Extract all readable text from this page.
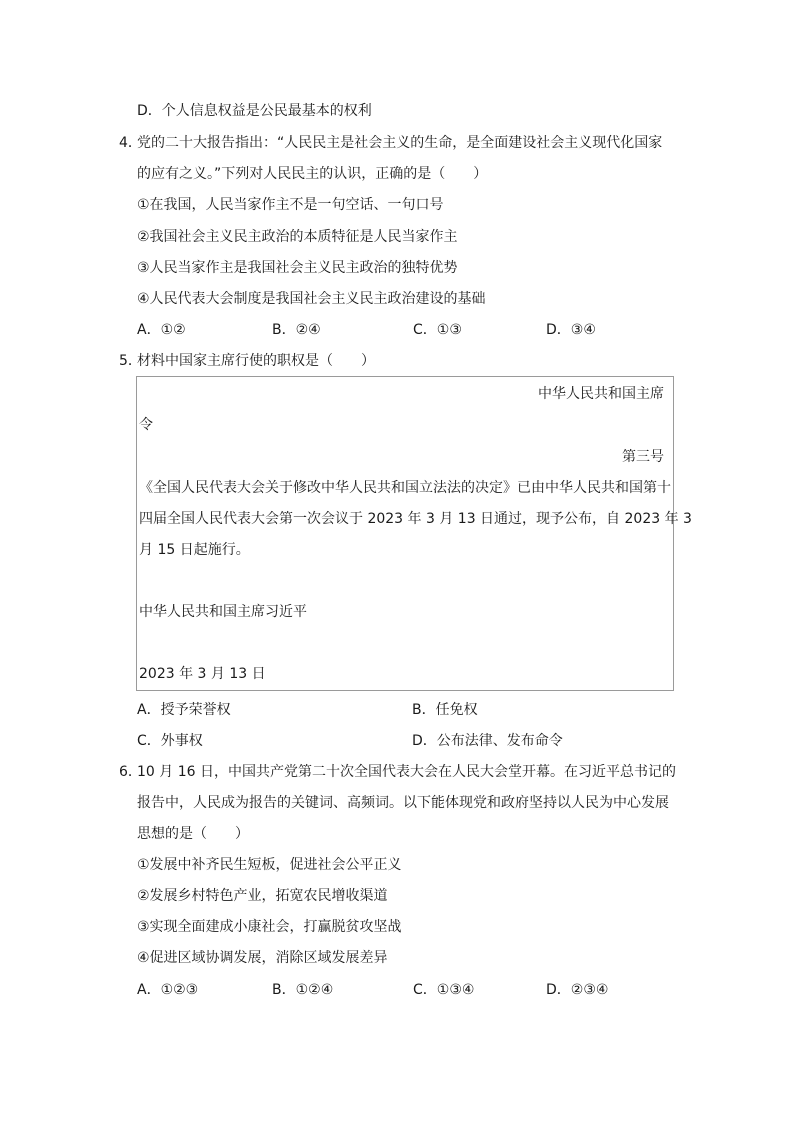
D．个人信息权益是公民最基本的权利
4．
党的二十大报告指出：“人民民主是社会主义的生命，是全面建设社会主义现代化国家
的应有之义。”下列对人民民主的认识，正确的是（　　）
①在我国，人民当家作主不是一句空话、一句口号
②我国社会主义民主政治的本质特征是人民当家作主
③人民当家作主是我国社会主义民主政治的独特优势
④人民代表大会制度是我国社会主义民主政治建设的基础
A．①②	B．②④	C．①③	D．③④
5．
材料中国家主席行使的职权是（　　）
中华人民共和国主席
令
第三号
《全国人民代表大会关于修改中华人民共和国立法法的决定》已由中华人民共和国第十
四届全国人民代表大会第一次会议于 2023 年 3 月 13 日通过，现予公布，自 2023 年 3
月 15 日起施行。
中华人民共和国主席习近平
2023 年 3 月 13 日
A．授予荣誉权	B．任免权
C．外事权	D．公布法律、发布命令
6．
10 月 16 日，中国共产党第二十次全国代表大会在人民大会堂开幕。在习近平总书记的
报告中，人民成为报告的关键词、高频词。以下能体现党和政府坚持以人民为中心发展
思想的是（　　）
①发展中补齐民生短板，促进社会公平正义
②发展乡村特色产业，拓宽农民增收渠道
③实现全面建成小康社会，打赢脱贫攻坚战
④促进区域协调发展，消除区域发展差异
A．①②③	B．①②④	C．①③④	D．②③④
